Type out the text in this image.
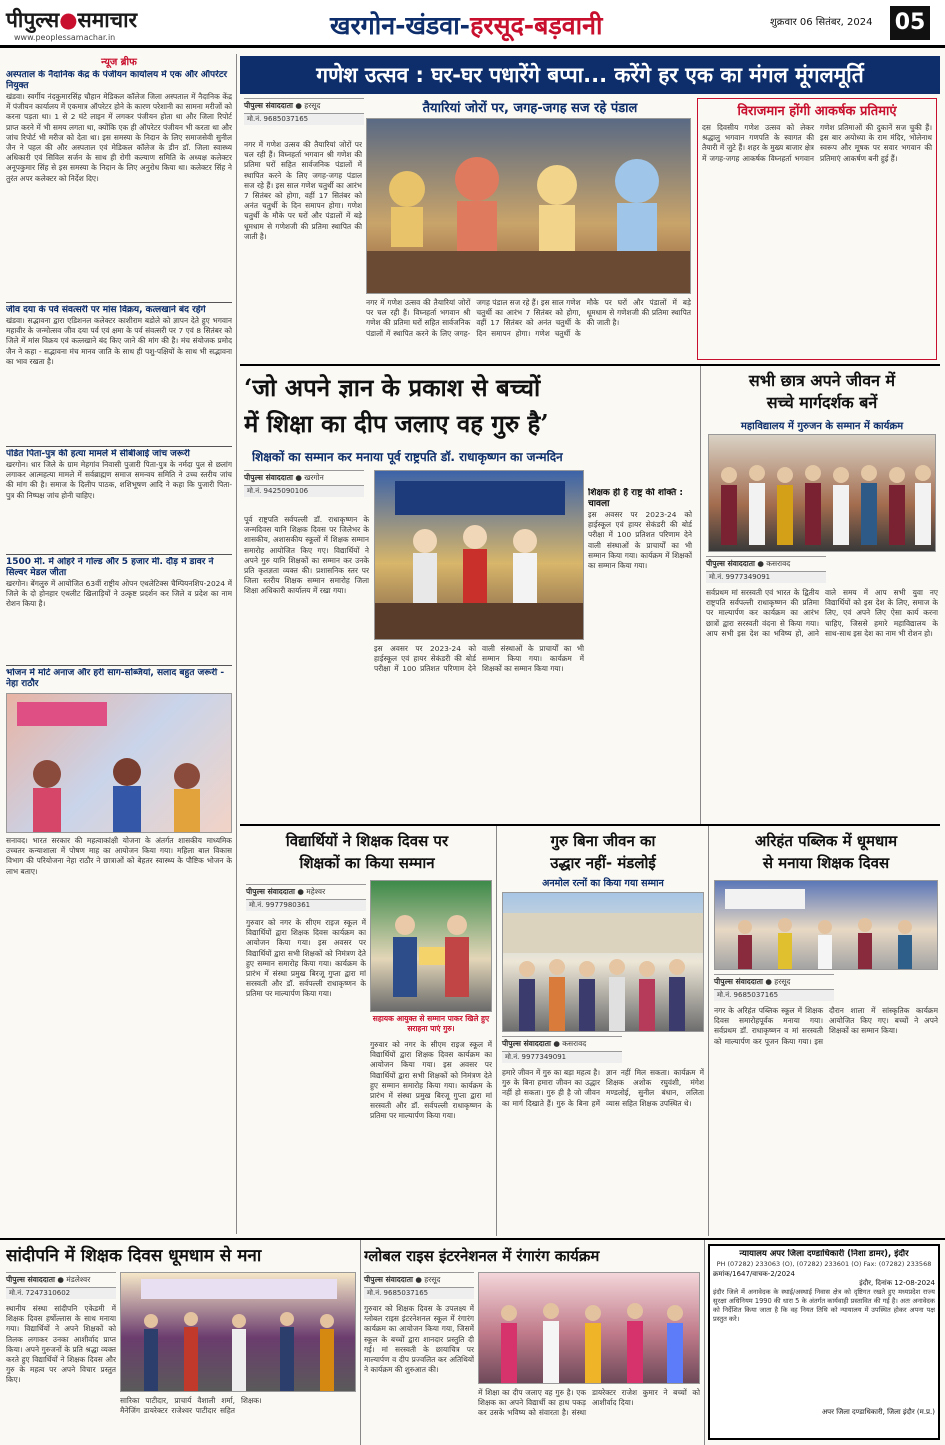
पीपुल्स●समाचार
www.peoplessamachar.in	खरगोन-खंडवा-हरसूद-बड़वानी	शुक्रवार 06 सितंबर, 2024 05
न्यूज ब्रीफ
अस्पताल के नैदानिक केंद्र के पंजीयन कार्यालय में एक और ऑपरेटर नियुक्त
खंडवा। स्वर्गीय नंदकुमारसिंह चौहान मेडिकल कॉलेज जिला अस्पताल में नैदानिक केंद्र में पंजीयन कार्यालय में एकमात्र ऑपरेटर होने के कारण परेशानी का सामना मरीजों को करना पड़ता था। 1 से 2 घंटे लाइन में लगकर पंजीयन होता था और जिला रिपोर्ट प्राप्त करने में भी समय लगता था, क्योंकि एक ही ऑपरेटर पंजीयन भी करता था और जांच रिपोर्ट भी मरीज को देता था। इस समस्या के निदान के लिए समाजसेवी सुनील जैन ने पहल की और अस्पताल एवं मेडिकल कॉलेज के डीन डाॅ. जिला स्वास्थ्य अधिकारी एवं सिविल सर्जन के साथ ही रोगी कल्याण समिति के अध्यक्ष कलेक्टर अनूपकुमार सिंह से इस समस्या के निदान के लिए अनुरोध किया था। कलेक्टर सिंह ने तुरंत अपर कलेक्टर को निर्देश दिए।
जीव दया के पर्व संवत्सरी पर मांस विक्रय, कत्लखाने बंद रहेंगे
खंडवा। सद्भावना द्वारा एडिशनल कलेक्टर काशीराम बडोले को ज्ञापन देते हुए भगवान महावीर के जन्मोत्सव जीव दया पर्व एवं क्षमा के पर्व संवत्सरी पर 7 एवं 8 सितंबर को जिले में मांस विक्रय एवं कत्लखाने बंद किए जाने की मांग की है। मंच संयोजक प्रमोद जैन ने कहा - सद्भावना मंच मानव जाति के साथ ही पशु-पक्षियों के साथ भी सद्भावना का भाव रखता है।
पंडित पिता-पुत्र की हत्या मामले में सीबीआई जांच जरूरी
खरगोन। धार जिले के ग्राम मेहगांव निवासी पुजारी पिता-पुत्र के नर्मदा पुल से छलांग लगाकर आत्महत्या मामले में सर्वब्राह्मण समाज समन्वय समिति ने उच्च स्तरीय जांच की मांग की है। समाज के दिलीप पाठक, शशिभूषण आदि ने कहा कि पुजारी पिता-पुत्र की निष्पक्ष जांच होनी चाहिए।
1500 मी. में ओहरे ने गोल्ड और 5 हजार मी. दौड़ में डावर ने सिल्वर मेडल जीता
खरगोन। बेंगलुरु में आयोजित 63वीं राष्ट्रीय ओपन एथलेटिक्स चैम्पियनशिप-2024 में जिले के दो होनहार एथलीट खिलाड़ियों ने उत्कृष्ट प्रदर्शन कर जिले व प्रदेश का नाम रोशन किया है।
भोजन में मोटे अनाज और हरी साग-सब्जियां, सलाद बहुत जरूरी - नेहा राठौर
सनावद। भारत सरकार की महत्वाकांक्षी योजना के अंतर्गत शासकीय माध्यमिक उच्चतर कन्याशाला में पोषण माह का आयोजन किया गया। महिला बाल विकास विभाग की परियोजना नेहा राठौर ने छात्राओं को बेहतर स्वास्थ्य के पौष्टिक भोजन के लाभ बताए।
गणेश उत्सव : घर-घर पधारेंगे बप्पा... करेंगे हर एक का मंगल मूंगलमूर्ति
पीपुल्स संवाददाता ● हरसूद
मो.नं. 9685037165
तैयारियां जोरों पर, जगह-जगह सज रहे पंडाल
नगर में गणेश उत्सव की तैयारियां जोरों पर चल रही हैं। विघ्नहर्ता भगवान श्री गणेश की प्रतिमा घरों सहित सार्वजनिक पंडालों में स्थापित करने के लिए जगह-जगह पंडाल सज रहे हैं। इस साल गणेश चतुर्थी का आरंभ 7 सितंबर को होगा, वहीं 17 सितंबर को अनंत चतुर्थी के दिन समापन होगा। गणेश चतुर्थी के मौके पर घरों और पंडालों में बड़े धूमधाम से गणेशजी की प्रतिमा स्थापित की जाती है।
नगर में गणेश उत्सव की तैयारियां जोरों पर चल रही हैं। विघ्नहर्ता भगवान श्री गणेश की प्रतिमा घरों सहित सार्वजनिक पंडालों में स्थापित करने के लिए जगह-जगह पंडाल सज रहे हैं। इस साल गणेश चतुर्थी का आरंभ 7 सितंबर को होगा, वहीं 17 सितंबर को अनंत चतुर्थी के दिन समापन होगा। गणेश चतुर्थी के मौके पर घरों और पंडालों में बड़े धूमधाम से गणेशजी की प्रतिमा स्थापित की जाती है।
विराजमान होंगी आकर्षक प्रतिमाएं
दस दिवसीय गणेश उत्सव को लेकर श्रद्धालु भगवान गणपति के स्वागत की तैयारी में जुटे हैं। शहर के मुख्य बाजार क्षेत्र में जगह-जगह आकर्षक विघ्नहर्ता भगवान गणेश प्रतिमाओं की दुकानें सज चुकी हैं। इस बार अयोध्या के राम मंदिर, भोलेनाथ स्वरूप और मूषक पर सवार भगवान की प्रतिमाएं आकर्षण बनी हुई हैं।
‘जो अपने ज्ञान के प्रकाश से बच्चों
में शिक्षा का दीप जलाए वह गुरु है’
शिक्षकों का सम्मान कर मनाया पूर्व राष्ट्रपति डॉ. राधाकृष्णन का जन्मदिन
पीपुल्स संवाददाता ● खरगोन
मो.नं. 9425090106	शिक्षक ही हैं राष्ट्र की शक्ति : चावला
इस अवसर पर 2023-24 को हाईस्कूल एवं हायर सेकंडरी की बोर्ड परीक्षा में 100 प्रतिशत परिणाम देने वाली संस्थाओं के प्राचार्यों का भी सम्मान किया गया। कार्यक्रम में शिक्षकों का सम्मान किया गया।
पूर्व राष्ट्रपति सर्वपल्ली डॉ. राधाकृष्णन के जन्मदिवस यानि शिक्षक दिवस पर जिलेभर के शासकीय, अशासकीय स्कूलों में शिक्षक सम्मान समारोह आयोजित किए गए। विद्यार्थियों ने अपने गुरु यानि शिक्षकों का सम्मान कर उनके प्रति कृतज्ञता व्यक्त की। प्रशासनिक स्तर पर जिला स्तरीय शिक्षक सम्मान समारोह जिला शिक्षा अधिकारी कार्यालय में रखा गया।
इस अवसर पर 2023-24 को हाईस्कूल एवं हायर सेकंडरी की बोर्ड परीक्षा में 100 प्रतिशत परिणाम देने वाली संस्थाओं के प्राचार्यों का भी सम्मान किया गया। कार्यक्रम में शिक्षकों का सम्मान किया गया।
सभी छात्र अपने जीवन में
सच्चे मार्गदर्शक बनें
महाविद्यालय में गुरुजन के सम्मान में कार्यक्रम
पीपुल्स संवाददाता ● कसरावद
मो.नं. 9977349091
सर्वप्रथम मां सरस्वती एवं भारत के द्वितीय राष्ट्रपति सर्वपल्ली राधाकृष्णन की प्रतिमा पर माल्यार्पण कर कार्यक्रम का आरंभ छात्रों द्वारा सरस्वती वंदना से किया गया। आप सभी इस देश का भविष्य हो, आने वाले समय में आप सभी युवा नए विद्यार्थियों को इस देश के लिए, समाज के लिए, एवं अपने लिए ऐसा कार्य करना चाहिए, जिससे हमारे महाविद्यालय के साथ-साथ इस देश का नाम भी रोशन हो।
विद्यार्थियों ने शिक्षक दिवस पर
शिक्षकों का किया सम्मान
पीपुल्स संवाददाता ● महेश्वर
मो.नं. 9977980361
सहायक आयुक्त से सम्मान पाकर खिले हुए सराहना पाएं गुरु।
गुरुवार को नगर के सीएम राइज स्कूल में विद्यार्थियों द्वारा शिक्षक दिवस कार्यक्रम का आयोजन किया गया। इस अवसर पर विद्यार्थियों द्वारा सभी शिक्षकों को निमंत्रण देते हुए सम्मान समारोह किया गया। कार्यक्रम के प्रारंभ में संस्था प्रमुख बिरजू गुप्ता द्वारा मां सरस्वती और डॉ. सर्वपल्ली राधाकृष्णन के प्रतिमा पर माल्यार्पण किया गया।
गुरुवार को नगर के सीएम राइज स्कूल में विद्यार्थियों द्वारा शिक्षक दिवस कार्यक्रम का आयोजन किया गया। इस अवसर पर विद्यार्थियों द्वारा सभी शिक्षकों को निमंत्रण देते हुए सम्मान समारोह किया गया। कार्यक्रम के प्रारंभ में संस्था प्रमुख बिरजू गुप्ता द्वारा मां सरस्वती और डॉ. सर्वपल्ली राधाकृष्णन के प्रतिमा पर माल्यार्पण किया गया।
गुरु बिना जीवन का
उद्धार नहीं- मंडलोई
अनमोल रत्नों का किया गया सम्मान
पीपुल्स संवाददाता ● कसरावद
मो.नं. 9977349091
हमारे जीवन में गुरु का बड़ा महत्व है। गुरु के बिना हमारा जीवन का उद्धार नहीं हो सकता। गुरु ही है जो जीवन का मार्ग दिखाते हैं। गुरु के बिना हमें ज्ञान नहीं मिल सकता। कार्यक्रम में शिक्षक अशोक रघुवंशी, मंगेश मण्डलोई, सुनील बंधान, ललिता व्यास सहित शिक्षक उपस्थित थे।
अरिहंत पब्लिक में धूमधाम
से मनाया शिक्षक दिवस
पीपुल्स संवाददाता ● हरसूद
मो.नं. 9685037165
नगर के अरिहंत पब्लिक स्कूल में शिक्षक दिवस समारोहपूर्वक मनाया गया। सर्वप्रथम डॉ. राधाकृष्णन व मां सरस्वती को माल्यार्पण कर पूजन किया गया। इस दौरान शाला में सांस्कृतिक कार्यक्रम आयोजित किए गए। बच्चों ने अपने शिक्षकों का सम्मान किया।
सांदीपनि में शिक्षक दिवस धूमधाम से मना
पीपुल्स संवाददाता ● मंडलेश्वर
मो.नं. 7247310602
स्थानीय संस्था सांदीपनि एकेडमी में शिक्षक दिवस हर्षोल्लास के साथ मनाया गया। विद्यार्थियों ने अपने शिक्षकों को तिलक लगाकर उनका आशीर्वाद प्राप्त किया। अपने गुरुजनों के प्रति श्रद्धा व्यक्त करते हुए विद्यार्थियों ने शिक्षक दिवस और गुरु के महत्व पर अपने विचार प्रस्तुत किए।
सारिका पाटीदार, प्राचार्य वैशाली शर्मा, मैनेजिंग डायरेक्टर राजेश्वर पाटीदार सहित शिक्षक।
ग्लोबल राइस इंटरनेशनल में रंगारंग कार्यक्रम
पीपुल्स संवाददाता ● हरसूद
मो.नं. 9685037165
गुरुवार को शिक्षक दिवस के उपलक्ष्य में ग्लोबल राइस इंटरनेशनल स्कूल में रंगारंग कार्यक्रम का आयोजन किया गया, जिसमें स्कूल के बच्चों द्वारा शानदार प्रस्तुति दी गई। मां सरस्वती के छायाचित्र पर माल्यार्पण व दीप प्रज्वलित कर अतिथियों ने कार्यक्रम की शुरुआत की।
में शिक्षा का दीप जलाए वह गुरु है। एक शिक्षक का अपने विद्यार्थी का हाथ पकड़ कर उसके भविष्य को संवारता है। संस्था डायरेक्टर राजेश कुमार ने बच्चों को आशीर्वाद दिया।
न्यायालय अपर जिला दण्डाधिकारी (निशा डामर), इंदौर
PH (07282) 233063 (O), (07282) 233601 (O) Fax: (07282) 233568
क्रमांक/1647/वाचक-2/2024
इंदौर, दिनांक 12-08-2024
इंदौर जिले में अनावेदक के स्थाई/अस्थाई निवास क्षेत्र को दृष्टिगत रखते हुए मध्यप्रदेश राज्य सुरक्षा अधिनियम 1990 की धारा 5 के अंतर्गत कार्यवाही प्रस्तावित की गई है। अतः अनावेदक को निर्देशित किया जाता है कि वह नियत तिथि को न्यायालय में उपस्थित होकर अपना पक्ष प्रस्तुत करे।
अपर जिला दण्डाधिकारी, जिला इंदौर (म.प्र.)
